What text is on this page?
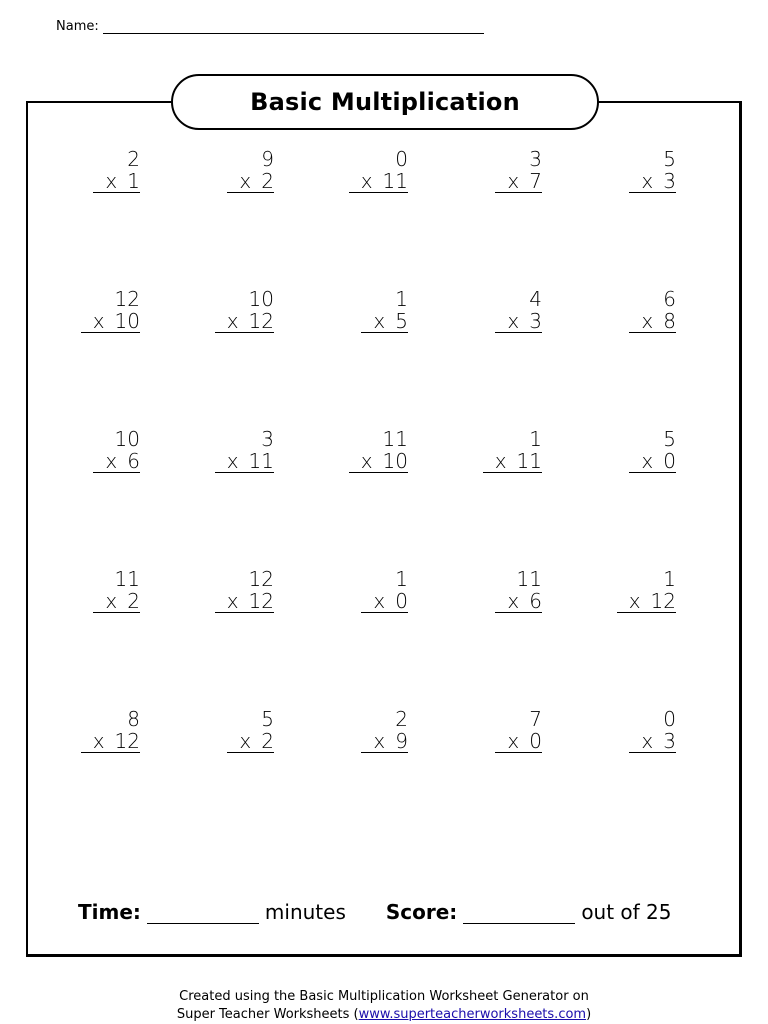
Name:
Basic Multiplication
2
x 1
9
x 2
0
x 11
3
x 7
5
x 3
12
x 10
10
x 12
1
x 5
4
x 3
6
x 8
10
x 6
3
x 11
11
x 10
1
x 11
5
x 0
11
x 2
12
x 12
1
x 0
11
x 6
1
x 12
8
x 12
5
x 2
2
x 9
7
x 0
0
x 3
Time:	minutes Score:	out of 25
Created using the Basic Multiplication Worksheet Generator on
Super Teacher Worksheets (www.superteacherworksheets.com)
